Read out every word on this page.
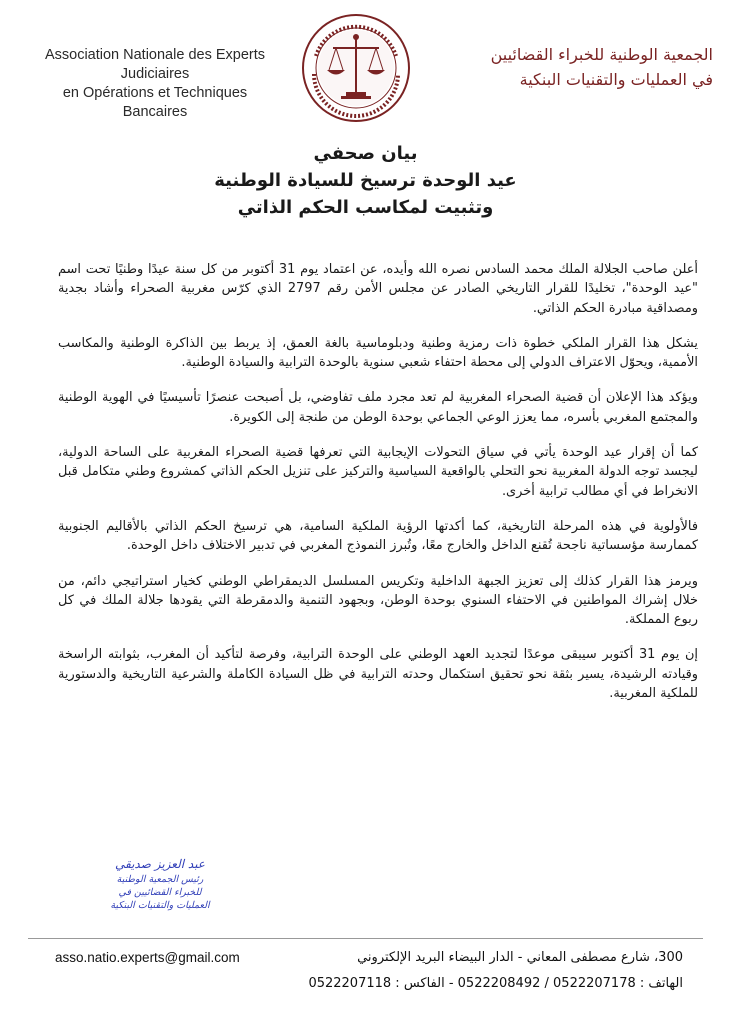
Association Nationale des Experts Judiciaires
en Opérations et Techniques Bancaires
الجمعية الوطنية للخبراء القضائيين
في العمليات والتقنيات البنكية
بيان صحفي
عيد الوحدة ترسيخ للسيادة الوطنية
وتثبيت لمكاسب الحكم الذاتي

أعلن صاحب الجلالة الملك محمد السادس نصره الله وأيده، عن اعتماد يوم 31 أكتوبر من كل سنة عيدًا وطنيًا تحت اسم "عيد الوحدة"، تخليدًا للقرار التاريخي الصادر عن مجلس الأمن رقم 2797 الذي كرّس مغربية الصحراء وأشاد بجدية ومصداقية مبادرة الحكم الذاتي.

يشكل هذا القرار الملكي خطوة ذات رمزية وطنية ودبلوماسية بالغة العمق، إذ يربط بين الذاكرة الوطنية والمكاسب الأممية، ويحوّل الاعتراف الدولي إلى محطة احتفاء شعبي سنوية بالوحدة الترابية والسيادة الوطنية.

ويؤكد هذا الإعلان أن قضية الصحراء المغربية لم تعد مجرد ملف تفاوضي، بل أصبحت عنصرًا تأسيسيًا في الهوية الوطنية والمجتمع المغربي بأسره، مما يعزز الوعي الجماعي بوحدة الوطن من طنجة إلى الكويرة.

كما أن إقرار عيد الوحدة يأتي في سياق التحولات الإيجابية التي تعرفها قضية الصحراء المغربية على الساحة الدولية، ليجسد توجه الدولة المغربية نحو التحلي بالواقعية السياسية والتركيز على تنزيل الحكم الذاتي كمشروع وطني متكامل قبل الانخراط في أي مطالب ترابية أخرى.

فالأولوية في هذه المرحلة التاريخية، كما أكدتها الرؤية الملكية السامية، هي ترسيخ الحكم الذاتي بالأقاليم الجنوبية كممارسة مؤسساتية ناجحة تُقنع الداخل والخارج معًا، وتُبرز النموذج المغربي في تدبير الاختلاف داخل الوحدة.

ويرمز هذا القرار كذلك إلى تعزيز الجبهة الداخلية وتكريس المسلسل الديمقراطي الوطني كخيار استراتيجي دائم، من خلال إشراك المواطنين في الاحتفاء السنوي بوحدة الوطن، وبجهود التنمية والدمقرطة التي يقودها جلالة الملك في كل ربوع المملكة.

إن يوم 31 أكتوبر سيبقى موعدًا لتجديد العهد الوطني على الوحدة الترابية، وفرصة لتأكيد أن المغرب، بثوابته الراسخة وقيادته الرشيدة، يسير بثقة نحو تحقيق استكمال وحدته الترابية في ظل السيادة الكاملة والشرعية التاريخية والدستورية للملكية المغربية.

عبد العزيز صديقي
رئيس الجمعية الوطنية
للخبراء القضائيين في
العمليات والتقنيات البنكية
asso.natio.experts@gmail.com	300، شارع مصطفى المعاني - الدار البيضاء البريد الإلكتروني
الهاتف : 0522207178 / 0522208492 - الفاكس : 0522207118
